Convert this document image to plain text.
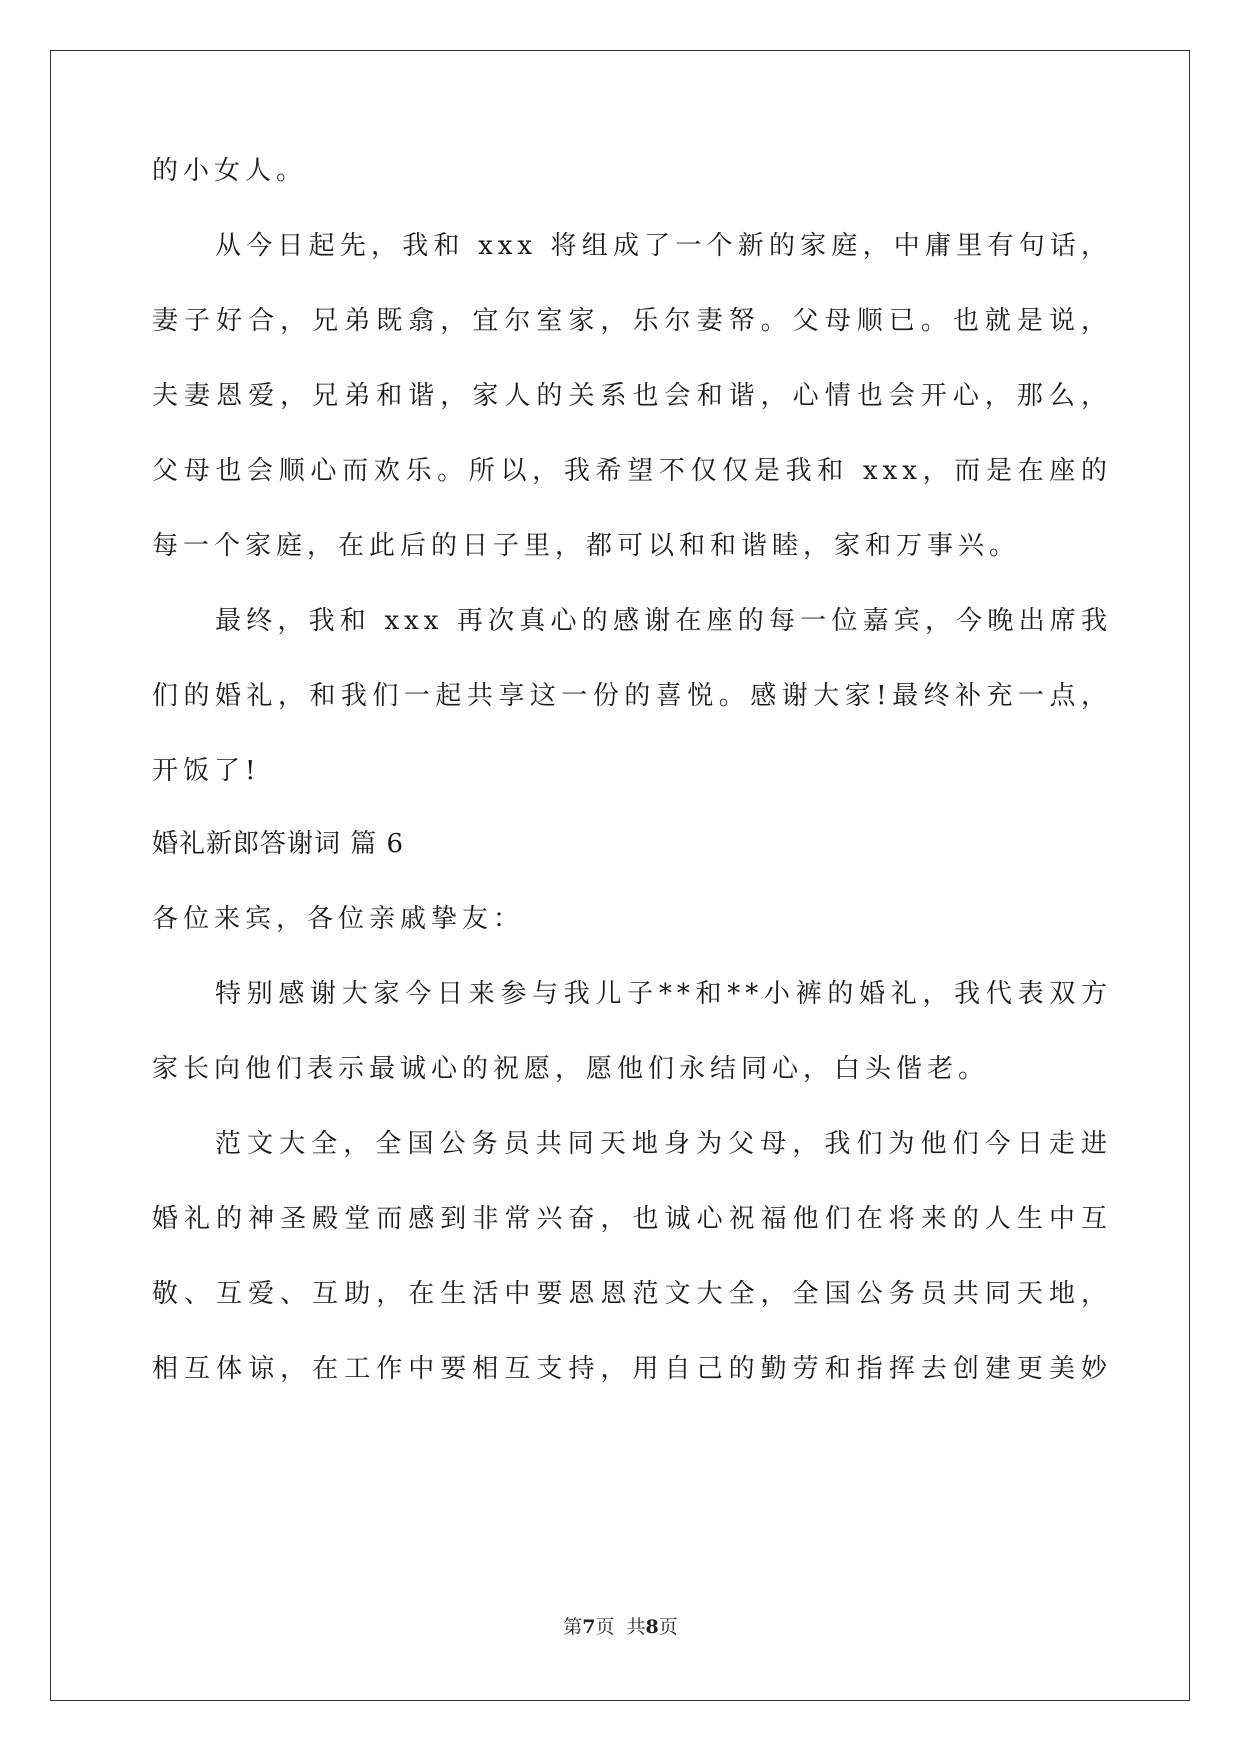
的小女人。
从今日起先，我和 xxx 将组成了一个新的家庭，中庸里有句话，
妻子好合，兄弟既翕，宜尔室家，乐尔妻帑。父母顺已。也就是说，
夫妻恩爱，兄弟和谐，家人的关系也会和谐，心情也会开心，那么，
父母也会顺心而欢乐。所以，我希望不仅仅是我和 xxx，而是在座的
每一个家庭，在此后的日子里，都可以和和谐睦，家和万事兴。
最终，我和 xxx 再次真心的感谢在座的每一位嘉宾，今晚出席我
们的婚礼，和我们一起共享这一份的喜悦。感谢大家!最终补充一点，
开饭了!
婚礼新郎答谢词 篇 6
各位来宾，各位亲戚挚友：
特别感谢大家今日来参与我儿子**和**小裤的婚礼，我代表双方
家长向他们表示最诚心的祝愿，愿他们永结同心，白头偕老。
范文大全，全国公务员共同天地身为父母，我们为他们今日走进
婚礼的神圣殿堂而感到非常兴奋，也诚心祝福他们在将来的人生中互
敬、互爱、互助，在生活中要恩恩范文大全，全国公务员共同天地，
相互体谅，在工作中要相互支持，用自己的勤劳和指挥去创建更美妙
第7页  共8页
